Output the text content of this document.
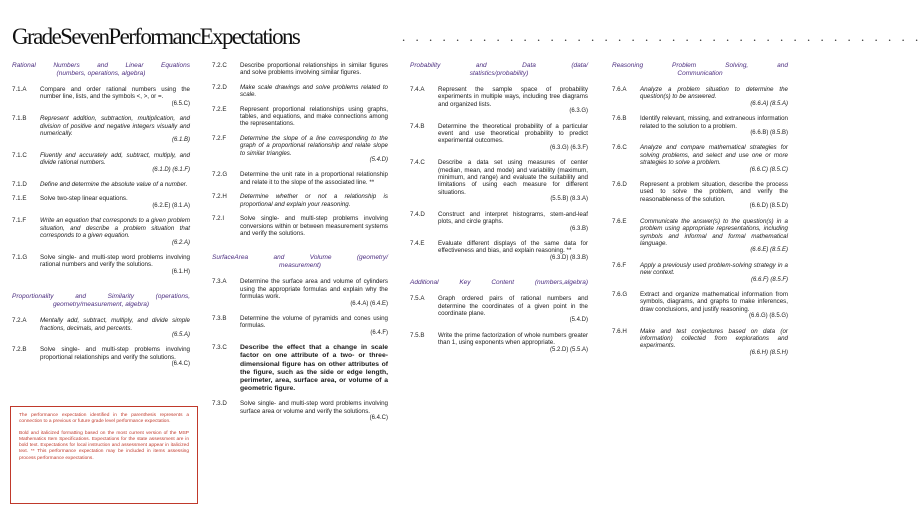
GradeSevenPerformancExpectations	. . . . . . . . . . . . . . . . . . . . . . . . . . . . . . . . . . . . . . .
Rational	Numbers	and	Linear	Equations
(numbers, operations, algebra)
7.1.A	Compare and order rational numbers using the number line, lists, and the symbols <, >, or =.
(6.5.C)
7.1.B	Represent addition, subtraction, multiplication, and division of positive and negative integers visually and numerically.
(6.1.B)
7.1.C	Fluently and accurately add, subtract, multiply, and divide rational numbers.
(6.1.D) (6.1.F)
7.1.D	Define and determine the absolute value of a number.
7.1.E	Solve two-step linear equations.
(6.2.E) (8.1.A)
7.1.F	Write an equation that corresponds to a given problem situation, and describe a problem situation that corresponds to a given equation.
(6.2.A)
7.1.G	Solve single- and multi-step word problems involving rational numbers and verify the solutions.
(6.1.H)
Proportionality	and	Similarity	(operations,
geometry/measurement, algebra)
7.2.A	Mentally add, subtract, multiply, and divide simple fractions, decimals, and percents.
(6.5.A)
7.2.B	Solve single- and multi-step problems involving proportional relationships and verify the solutions.
(6.4.C)
7.2.C	Describe proportional relationships in similar figures and solve problems involving similar figures.
7.2.D	Make scale drawings and solve problems related to scale.
7.2.E	Represent proportional relationships using graphs, tables, and equations, and make connections among the representations.
7.2.F	Determine the slope of a line corresponding to the graph of a proportional relationship and relate slope to similar triangles.
(5.4.D)
7.2.G	Determine the unit rate in a proportional relationship and relate it to the slope of the associated line. **
7.2.H	Determine whether or not a relationship is proportional and explain your reasoning.
7.2.I	Solve single- and multi-step problems involving conversions within or between measurement systems and verify the solutions.
SurfaceArea	and	Volume	(geometry/
measurement)
7.3.A	Determine the surface area and volume of cylinders using the appropriate formulas and explain why the formulas work.
(6.4.A) (6.4.E)
7.3.B	Determine the volume of pyramids and cones using formulas.
(6.4.F)
7.3.C	Describe the effect that a change in scale factor on one attribute of a two- or three-dimensional figure has on other attributes of the figure, such as the side or edge length, perimeter, area, surface area, or volume of a geometric figure.
7.3.D	Solve single- and multi-step word problems involving surface area or volume and verify the solutions.
(6.4.C)
Probability	and	Data	(data/
statistics/probability)
7.4.A	Represent the sample space of probability experiments in multiple ways, including tree diagrams and organized lists.
(6.3.G)
7.4.B	Determine the theoretical probability of a particular event and use theoretical probability to predict experimental outcomes.
(6.3.G) (6.3.F)
7.4.C	Describe a data set using measures of center (median, mean, and mode) and variability (maximum, minimum, and range) and evaluate the suitability and limitations of using each measure for different situations.
(5.5.B) (8.3.A)
7.4.D	Construct and interpret histograms, stem-and-leaf plots, and circle graphs.
(6.3.B)
7.4.E	Evaluate different displays of the same data for effectiveness and bias, and explain reasoning. **
(6.3.D) (8.3.B)
Additional	Key	Content	(numbers,algebra)
7.5.A	Graph ordered pairs of rational numbers and determine the coordinates of a given point in the coordinate plane.
(5.4.D)
7.5.B	Write the prime factorization of whole numbers greater than 1, using exponents when appropriate.
(5.2.D) (5.5.A)
Reasoning	Problem	Solving,	and
Communication
7.6.A	Analyze a problem situation to determine the question(s) to be answered.
(6.6.A) (8.5.A)
7.6.B	Identify relevant, missing, and extraneous information related to the solution to a problem.
(6.6.B) (8.5.B)
7.6.C	Analyze and compare mathematical strategies for solving problems, and select and use one or more strategies to solve a problem.
(6.6.C) (8.5.C)
7.6.D	Represent a problem situation, describe the process used to solve the problem, and verify the reasonableness of the solution.
(6.6.D) (8.5.D)
7.6.E	Communicate the answer(s) to the question(s) in a problem using appropriate representations, including symbols and informal and formal mathematical language.
(6.6.E) (8.5.E)
7.6.F	Apply a previously used problem-solving strategy in a new context.
(6.6.F) (8.5.F)
7.6.G	Extract and organize mathematical information from symbols, diagrams, and graphs to make inferences, draw conclusions, and justify reasoning.
(6.6.G) (8.5.G)
7.6.H	Make and test conjectures based on data (or information) collected from explorations and experiments.
(6.6.H) (8.5.H)

The performance expectation identified in the parenthesis represents a connection to a previous or future grade level performance expectation.

Bold and italicized formatting based on the most current version of the MSP Mathematics Item Specifications. Expectations for the state assessment are in bold text. Expectations for local instruction and assessment appear in italicized text. ** This performance expectation may be included in items assessing process performance expectations.
